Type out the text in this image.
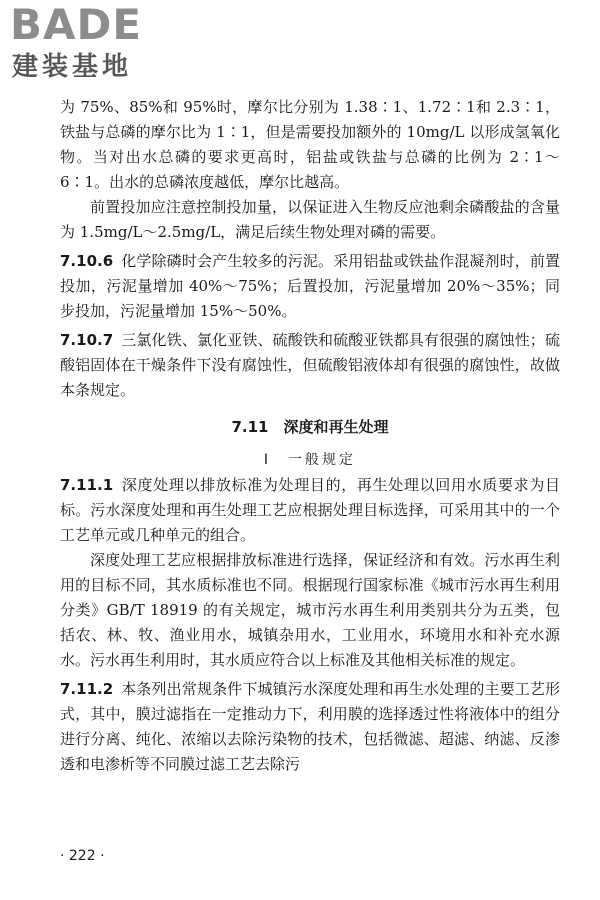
BADE
建装基地

为 75%、85%和 95%时，摩尔比分别为 1.38∶1、1.72∶1和 2.3∶1，铁盐与总磷的摩尔比为 1∶1，但是需要投加额外的 10mg/L 以形成氢氧化物。当对出水总磷的要求更高时，铝盐或铁盐与总磷的比例为 2∶1～6∶1。出水的总磷浓度越低，摩尔比越高。

前置投加应注意控制投加量，以保证进入生物反应池剩余磷酸盐的含量为 1.5mg/L～2.5mg/L，满足后续生物处理对磷的需要。

7.10.6 化学除磷时会产生较多的污泥。采用铝盐或铁盐作混凝剂时，前置投加，污泥量增加 40%～75%；后置投加，污泥量增加 20%～35%；同步投加，污泥量增加 15%～50%。

7.10.7 三氯化铁、氯化亚铁、硫酸铁和硫酸亚铁都具有很强的腐蚀性；硫酸铝固体在干燥条件下没有腐蚀性，但硫酸铝液体却有很强的腐蚀性，故做本条规定。

7.11　深度和再生处理

Ⅰ　一般规定

7.11.1 深度处理以排放标准为处理目的，再生处理以回用水质要求为目标。污水深度处理和再生处理工艺应根据处理目标选择，可采用其中的一个工艺单元或几种单元的组合。

深度处理工艺应根据排放标准进行选择，保证经济和有效。污水再生利用的目标不同，其水质标准也不同。根据现行国家标准《城市污水再生利用分类》GB/T 18919 的有关规定，城市污水再生利用类别共分为五类，包括农、林、牧、渔业用水，城镇杂用水，工业用水，环境用水和补充水源水。污水再生利用时，其水质应符合以上标准及其他相关标准的规定。

7.11.2 本条列出常规条件下城镇污水深度处理和再生水处理的主要工艺形式，其中，膜过滤指在一定推动力下，利用膜的选择透过性将液体中的组分进行分离、纯化、浓缩以去除污染物的技术，包括微滤、超滤、纳滤、反渗透和电渗析等不同膜过滤工艺去除污

· 222 ·
